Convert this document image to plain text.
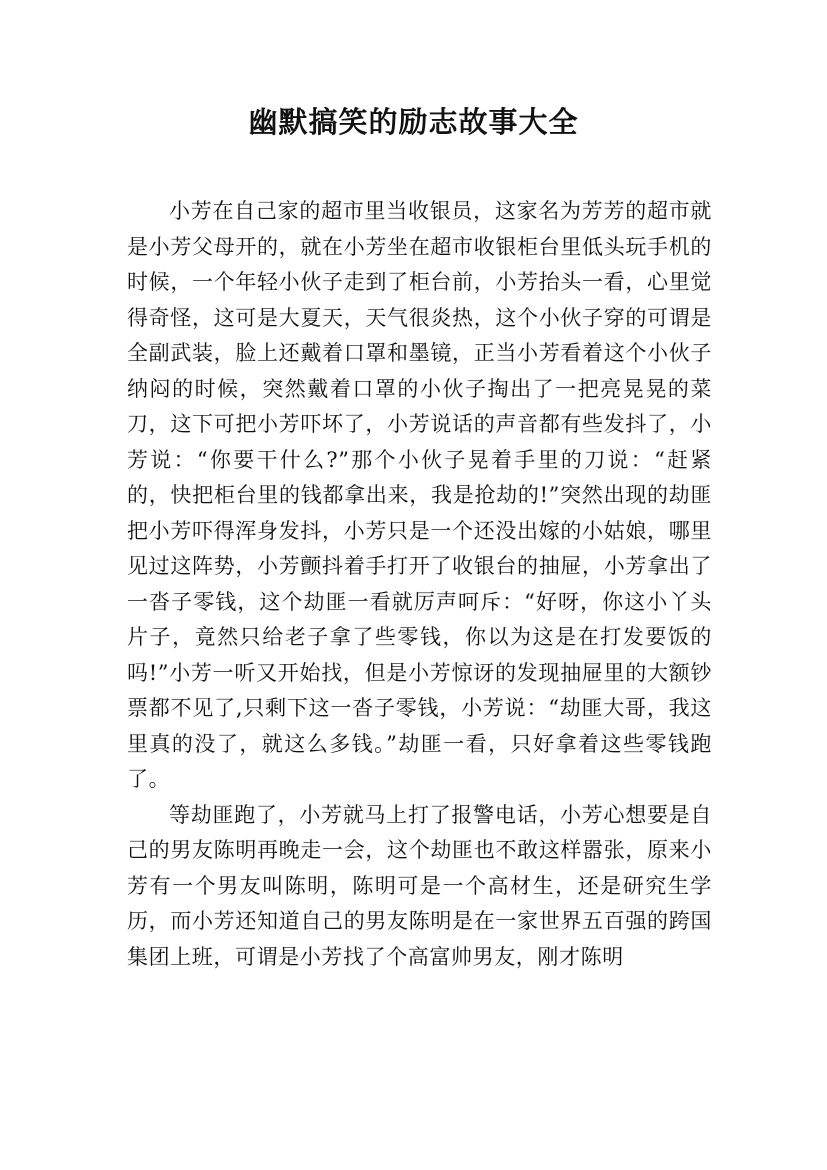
幽默搞笑的励志故事大全

小芳在自己家的超市里当收银员，这家名为芳芳的超市就是小芳父母开的，就在小芳坐在超市收银柜台里低头玩手机的时候，一个年轻小伙子走到了柜台前，小芳抬头一看，心里觉得奇怪，这可是大夏天，天气很炎热，这个小伙子穿的可谓是全副武装，脸上还戴着口罩和墨镜，正当小芳看着这个小伙子纳闷的时候，突然戴着口罩的小伙子掏出了一把亮晃晃的菜刀，这下可把小芳吓坏了，小芳说话的声音都有些发抖了，小芳说：“你要干什么?”那个小伙子晃着手里的刀说：“赶紧的，快把柜台里的钱都拿出来，我是抢劫的!”突然出现的劫匪把小芳吓得浑身发抖，小芳只是一个还没出嫁的小姑娘，哪里见过这阵势，小芳颤抖着手打开了收银台的抽屉，小芳拿出了一沓子零钱，这个劫匪一看就厉声呵斥：“好呀，你这小丫头片子，竟然只给老子拿了些零钱，你以为这是在打发要饭的吗!”小芳一听又开始找，但是小芳惊讶的发现抽屉里的大额钞票都不见了,只剩下这一沓子零钱，小芳说：“劫匪大哥，我这里真的没了，就这么多钱。”劫匪一看，只好拿着这些零钱跑了。

等劫匪跑了，小芳就马上打了报警电话，小芳心想要是自己的男友陈明再晚走一会，这个劫匪也不敢这样嚣张，原来小芳有一个男友叫陈明，陈明可是一个高材生，还是研究生学历，而小芳还知道自己的男友陈明是在一家世界五百强的跨国集团上班，可谓是小芳找了个高富帅男友，刚才陈明
